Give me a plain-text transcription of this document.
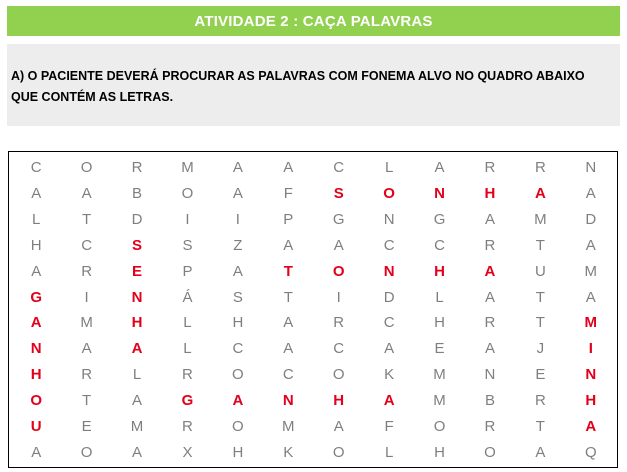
ATIVIDADE 2 : CAÇA PALAVRAS
A) O PACIENTE DEVERÁ PROCURAR AS PALAVRAS COM FONEMA ALVO NO QUADRO ABAIXO QUE CONTÉM AS LETRAS.
C	O	R	M	A	A	C	L	A	R	R	N
A	A	B	O	A	F	S	O	N	H	A	A
L	T	D	I	I	P	G	N	G	A	M	D
H	C	S	S	Z	A	A	C	C	R	T	A
A	R	E	P	A	T	O	N	H	A	U	M
G	I	N	Á	S	T	I	D	L	A	T	A
A	M	H	L	H	A	R	C	H	R	T	M
N	A	A	L	C	A	C	A	E	A	J	I
H	R	L	R	O	C	O	K	M	N	E	N
O	T	A	G	A	N	H	A	M	B	R	H
U	E	M	R	O	M	A	F	O	R	T	A
A	O	A	X	H	K	O	L	H	O	A	Q
